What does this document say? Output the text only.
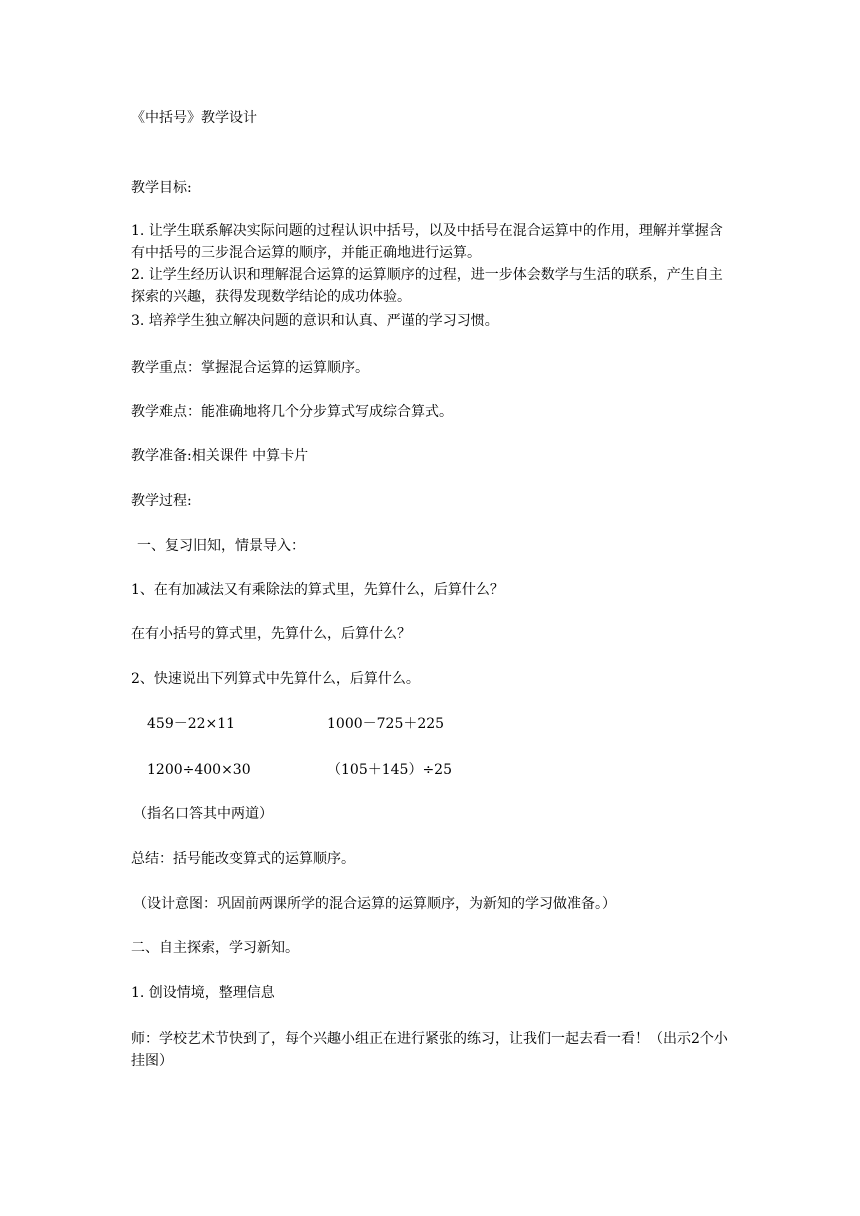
《中括号》教学设计
教学目标:
1. 让学生联系解决实际问题的过程认识中括号，以及中括号在混合运算中的作用，理解并掌握含有中括号的三步混合运算的顺序，并能正确地进行运算。
2. 让学生经历认识和理解混合运算的运算顺序的过程，进一步体会数学与生活的联系，产生自主探索的兴趣，获得发现数学结论的成功体验。
3. 培养学生独立解决问题的意识和认真、严谨的学习习惯。
教学重点：掌握混合运算的运算顺序。
教学难点：能准确地将几个分步算式写成综合算式。
教学准备:相关课件 中算卡片
教学过程:
一、复习旧知，情景导入：
1、在有加减法又有乘除法的算式里，先算什么，后算什么？
在有小括号的算式里，先算什么，后算什么？
2、快速说出下列算式中先算什么，后算什么。
459－22×11	1000－725＋225
1200÷400×30	（105＋145）÷25
（指名口答其中两道）
总结：括号能改变算式的运算顺序。
（设计意图：巩固前两课所学的混合运算的运算顺序，为新知的学习做准备。）
二、自主探索，学习新知。
1. 创设情境，整理信息
师：学校艺术节快到了，每个兴趣小组正在进行紧张的练习，让我们一起去看一看！（出示2个小挂图）
